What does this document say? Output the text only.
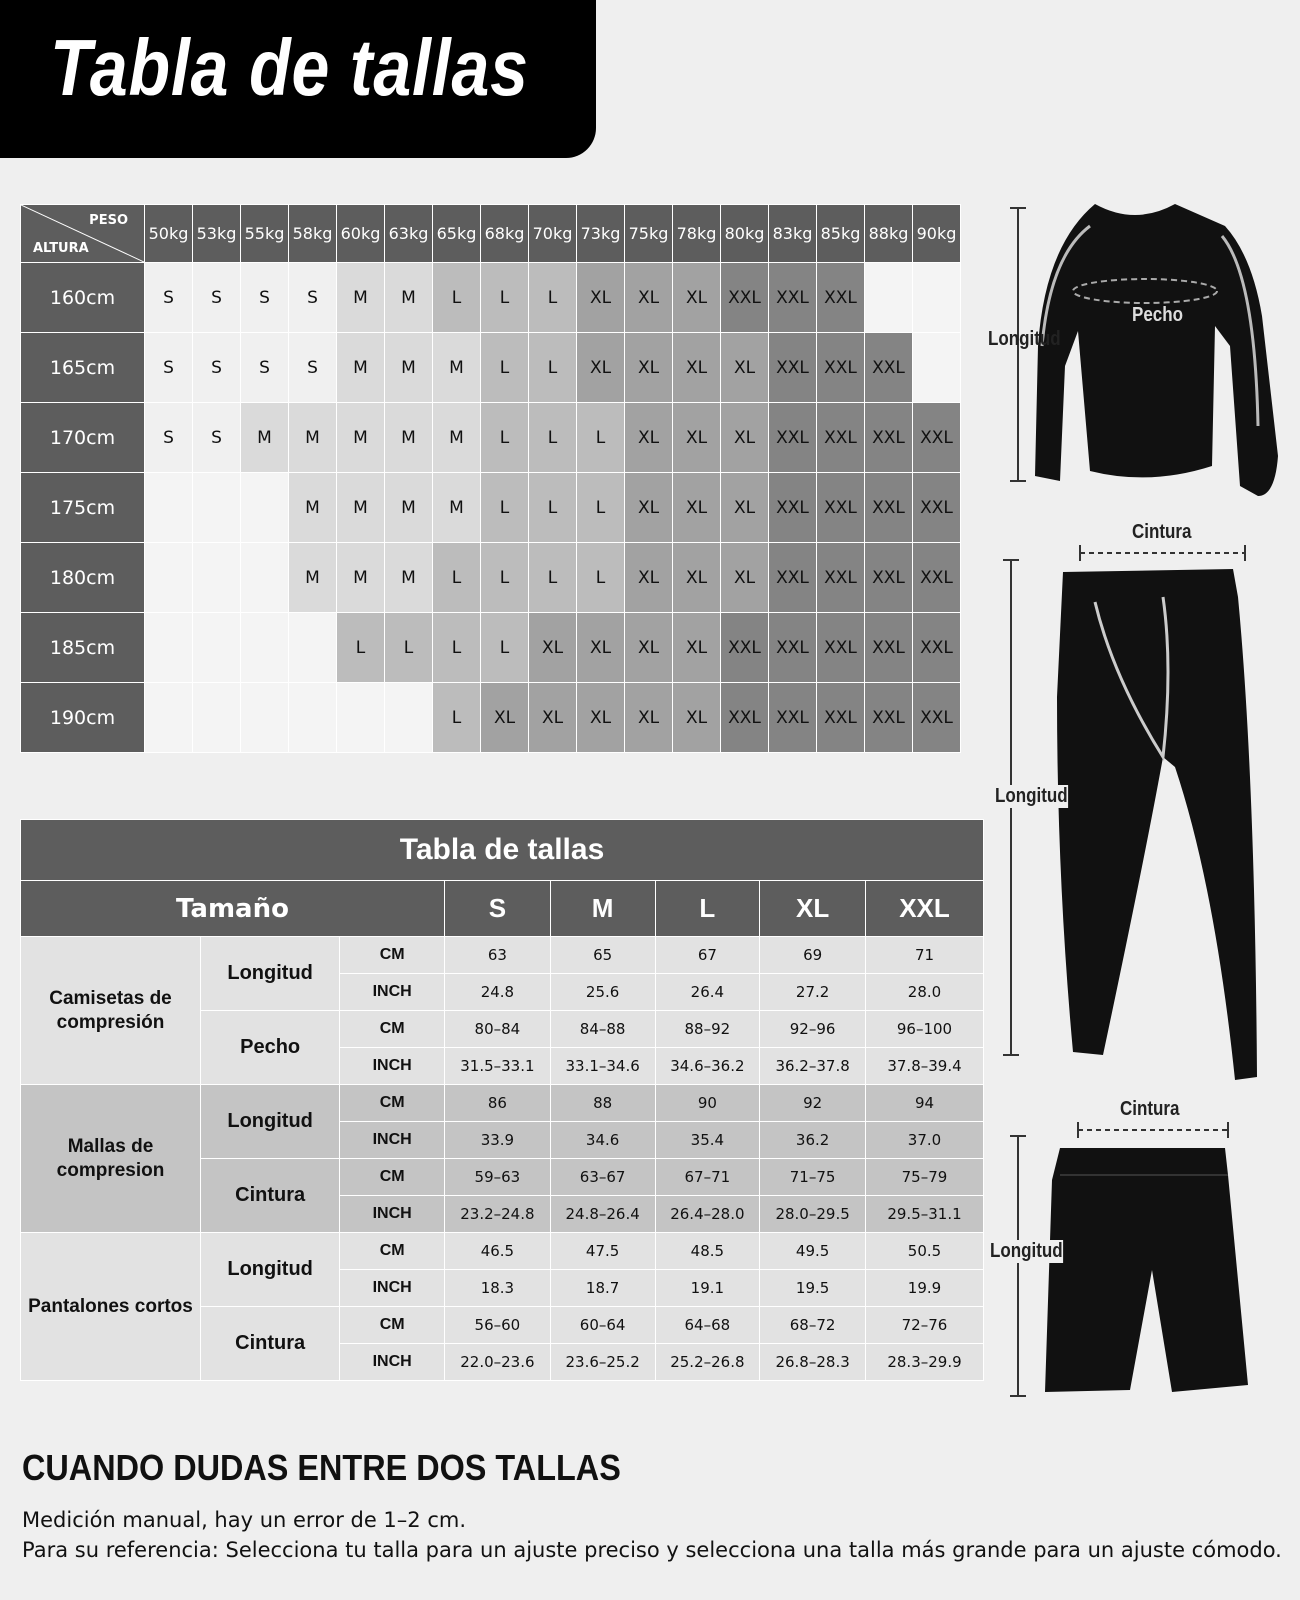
Tabla de tallas
PESO
ALTURA	50kg	53kg	55kg	58kg	60kg	63kg	65kg	68kg	70kg	73kg	75kg	78kg	80kg	83kg	85kg	88kg	90kg
160cm	S	S	S	S	M	M	L	L	L	XL	XL	XL	XXL	XXL	XXL		
165cm	S	S	S	S	M	M	M	L	L	XL	XL	XL	XL	XXL	XXL	XXL	
170cm	S	S	M	M	M	M	M	L	L	L	XL	XL	XL	XXL	XXL	XXL	XXL
175cm				M	M	M	M	L	L	L	XL	XL	XL	XXL	XXL	XXL	XXL
180cm				M	M	M	L	L	L	L	XL	XL	XL	XXL	XXL	XXL	XXL
185cm					L	L	L	L	XL	XL	XL	XL	XXL	XXL	XXL	XXL	XXL
190cm							L	XL	XL	XL	XL	XL	XXL	XXL	XXL	XXL	XXL
Tabla de tallas							
Tamaño			S	M	L	XL	XXL
Camisetas de compresión	Longitud	CM	63	65	67	69	71
		INCH	24.8	25.6	26.4	27.2	28.0
	Pecho	CM	80–84	84–88	88–92	92–96	96–100
		INCH	31.5–33.1	33.1–34.6	34.6–36.2	36.2–37.8	37.8–39.4
Mallas de compresion	Longitud	CM	86	88	90	92	94
		INCH	33.9	34.6	35.4	36.2	37.0
	Cintura	CM	59–63	63–67	67–71	71–75	75–79
		INCH	23.2–24.8	24.8–26.4	26.4–28.0	28.0–29.5	29.5–31.1
Pantalones cortos	Longitud	CM	46.5	47.5	48.5	49.5	50.5
		INCH	18.3	18.7	19.1	19.5	19.9
	Cintura	CM	56–60	60–64	64–68	68–72	72–76
		INCH	22.0–23.6	23.6–25.2	25.2–26.8	26.8–28.3	28.3–29.9
Pecho
Longitud
Cintura
Longitud
Cintura
Longitud
CUANDO DUDAS ENTRE DOS TALLAS
Medición manual, hay un error de 1–2 cm.
Para su referencia: Selecciona tu talla para un ajuste preciso y selecciona una talla más grande para un ajuste cómodo.
